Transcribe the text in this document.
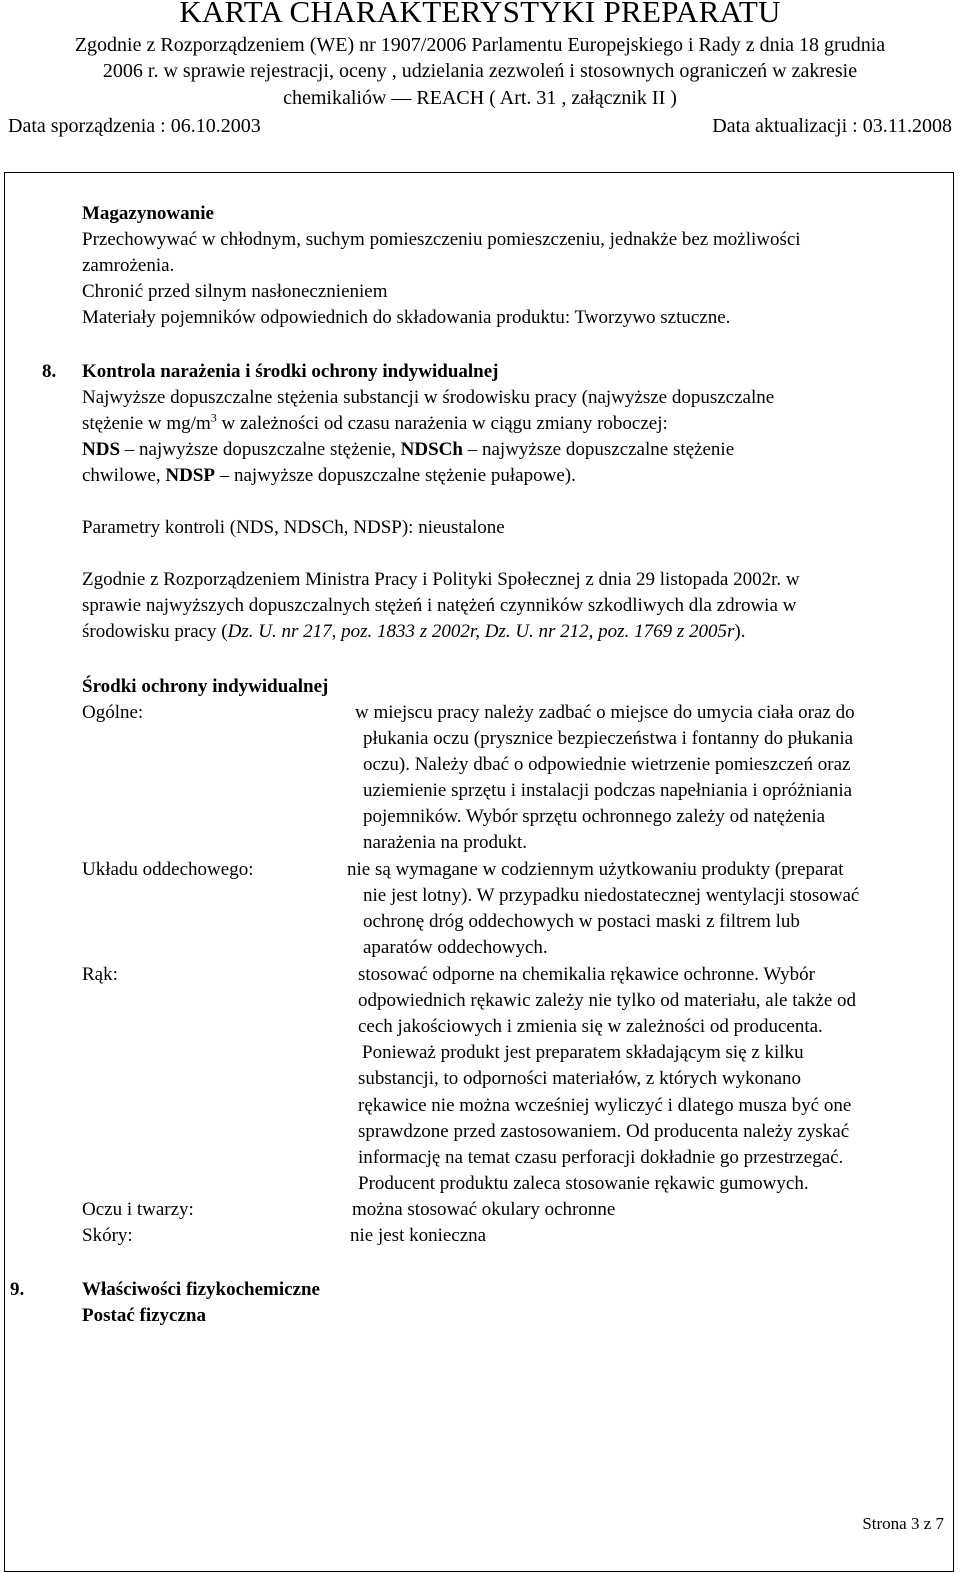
KARTA CHARAKTERYSTYKI PREPARATU
Zgodnie z Rozporządzeniem (WE) nr 1907/2006 Parlamentu Europejskiego i Rady z dnia 18 grudnia
2006 r. w sprawie rejestracji, oceny , udzielania zezwoleń i stosownych ograniczeń w zakresie
chemikaliów — REACH ( Art. 31 , załącznik II )
Data sporządzenia : 06.10.2003	Data aktualizacji : 03.11.2008
Magazynowanie
Przechowywać w chłodnym, suchym pomieszczeniu pomieszczeniu, jednakże bez możliwości
zamrożenia.
Chronić przed silnym nasłonecznieniem
Materiały pojemników odpowiednich do składowania produktu: Tworzywo sztuczne.
8. Kontrola narażenia i środki ochrony indywidualnej
Najwyższe dopuszczalne stężenia substancji w środowisku pracy (najwyższe dopuszczalne
stężenie w $mg/m^3$ w zależności od czasu narażenia w ciągu zmiany roboczej:
NDS – najwyższe dopuszczalne stężenie, NDSCh – najwyższe dopuszczalne stężenie
chwilowe, NDSP – najwyższe dopuszczalne stężenie pułapowe).
Parametry kontroli (NDS, NDSCh, NDSP): nieustalone
Zgodnie z Rozporządzeniem Ministra Pracy i Polityki Społecznej z dnia 29 listopada 2002r. w
sprawie najwyższych dopuszczalnych stężeń i natężeń czynników szkodliwych dla zdrowia w
środowisku pracy (Dz. U. nr 217, poz. 1833 z 2002r, Dz. U. nr 212, poz. 1769 z 2005r).
Środki ochrony indywidualnej
Ogólne:	w miejscu pracy należy zadbać o miejsce do umycia ciała oraz do
płukania oczu (prysznice bezpieczeństwa i fontanny do płukania
oczu). Należy dbać o odpowiednie wietrzenie pomieszczeń oraz
uziemienie sprzętu i instalacji podczas napełniania i opróżniania
pojemników. Wybór sprzętu ochronnego zależy od natężenia
narażenia na produkt.
Układu oddechowego:	nie są wymagane w codziennym użytkowaniu produkty (preparat
nie jest lotny). W przypadku niedostatecznej wentylacji stosować
ochronę dróg oddechowych w postaci maski z filtrem lub
aparatów oddechowych.
Rąk:	stosować odporne na chemikalia rękawice ochronne. Wybór
odpowiednich rękawic zależy nie tylko od materiału, ale także od
cech jakościowych i zmienia się w zależności od producenta.
Ponieważ produkt jest preparatem składającym się z kilku
substancji, to odporności materiałów, z których wykonano
rękawice nie można wcześniej wyliczyć i dlatego musza być one
sprawdzone przed zastosowaniem. Od producenta należy zyskać
informację na temat czasu perforacji dokładnie go przestrzegać.
Producent produktu zaleca stosowanie rękawic gumowych.
Oczu i twarzy:	można stosować okulary ochronne
Skóry:	nie jest konieczna
9.	Właściwości fizykochemiczne
Postać fizyczna
Strona 3 z 7
